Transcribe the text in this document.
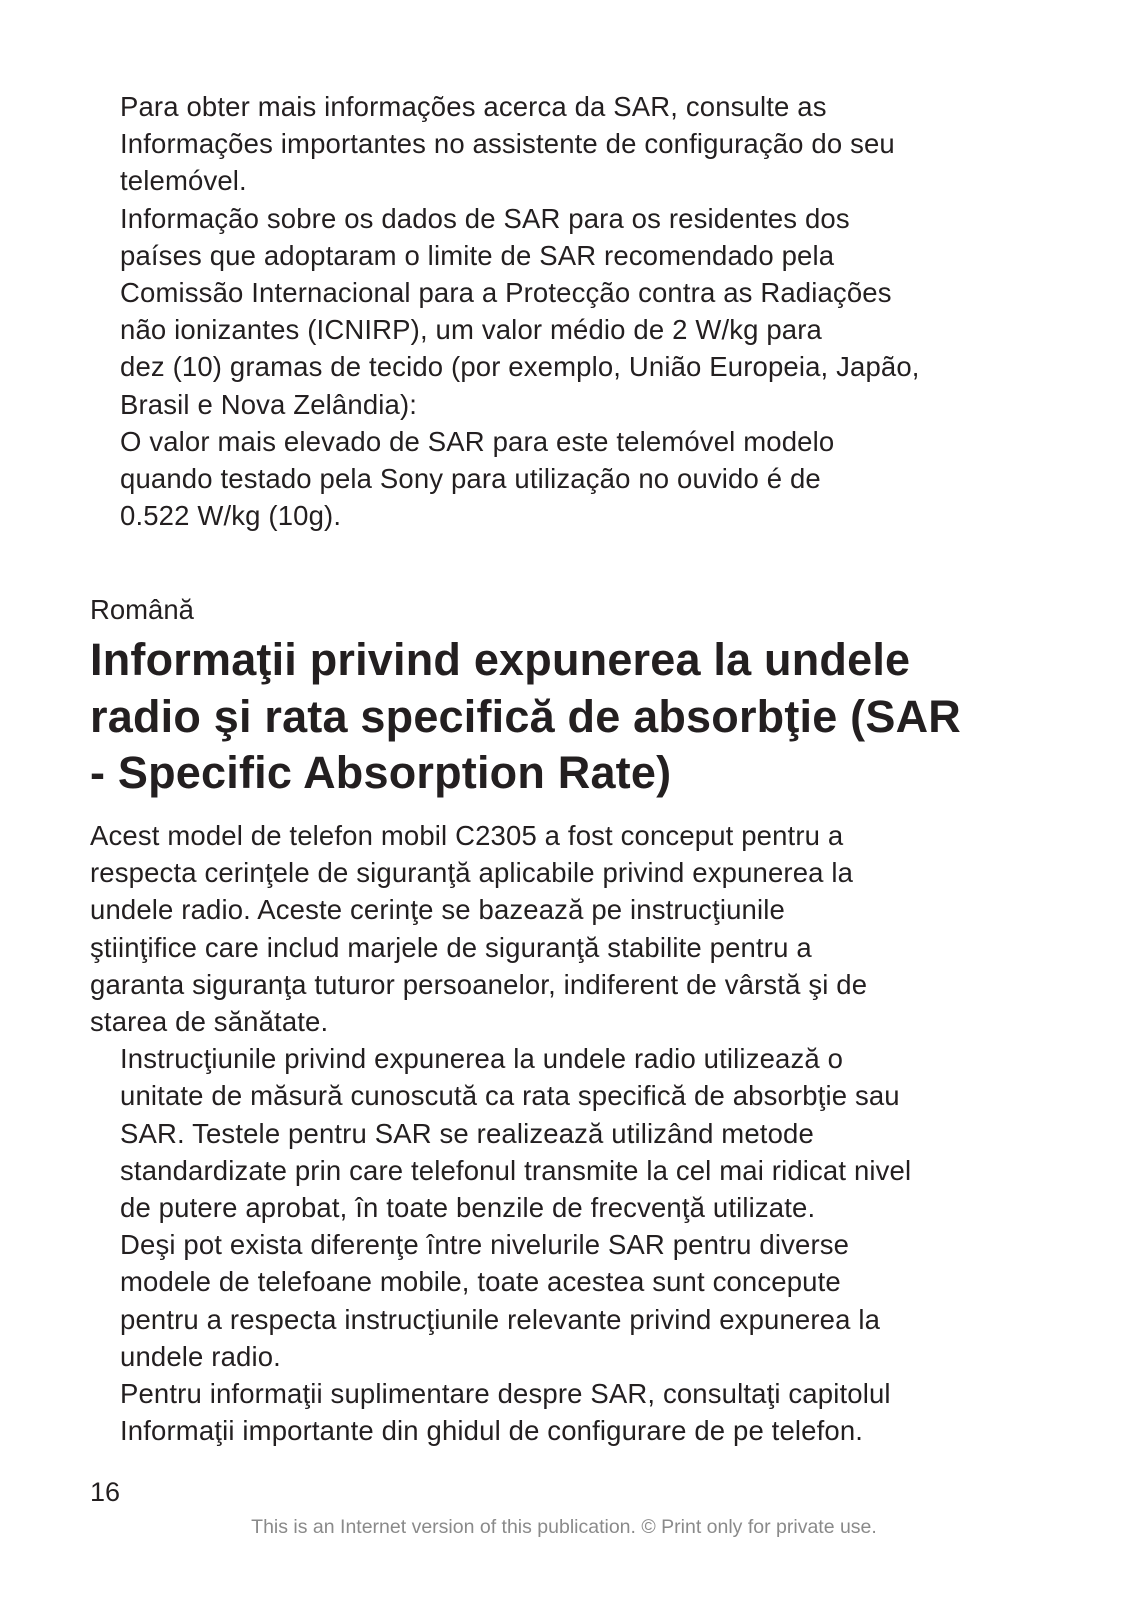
Para obter mais informações acerca da SAR, consulte as
Informações importantes no assistente de configuração do seu
telemóvel.

Informação sobre os dados de SAR para os residentes dos
países que adoptaram o limite de SAR recomendado pela
Comissão Internacional para a Protecção contra as Radiações
não ionizantes (ICNIRP), um valor médio de 2 W/kg para
dez (10) gramas de tecido (por exemplo, União Europeia, Japão,
Brasil e Nova Zelândia):

O valor mais elevado de SAR para este telemóvel modelo
quando testado pela Sony para utilização no ouvido é de
0.522 W/kg (10g).

Română

Informaţii privind expunerea la undele
radio şi rata specifică de absorbţie (SAR
- Specific Absorption Rate)

Acest model de telefon mobil C2305 a fost conceput pentru a
respecta cerinţele de siguranţă aplicabile privind expunerea la
undele radio. Aceste cerinţe se bazează pe instrucţiunile
ştiinţifice care includ marjele de siguranţă stabilite pentru a
garanta siguranţa tuturor persoanelor, indiferent de vârstă şi de
starea de sănătate.

Instrucţiunile privind expunerea la undele radio utilizează o
unitate de măsură cunoscută ca rata specifică de absorbţie sau
SAR. Testele pentru SAR se realizează utilizând metode
standardizate prin care telefonul transmite la cel mai ridicat nivel
de putere aprobat, în toate benzile de frecvenţă utilizate.

Deşi pot exista diferenţe între nivelurile SAR pentru diverse
modele de telefoane mobile, toate acestea sunt concepute
pentru a respecta instrucţiunile relevante privind expunerea la
undele radio.

Pentru informaţii suplimentare despre SAR, consultaţi capitolul
Informaţii importante din ghidul de configurare de pe telefon.

16

This is an Internet version of this publication. © Print only for private use.
